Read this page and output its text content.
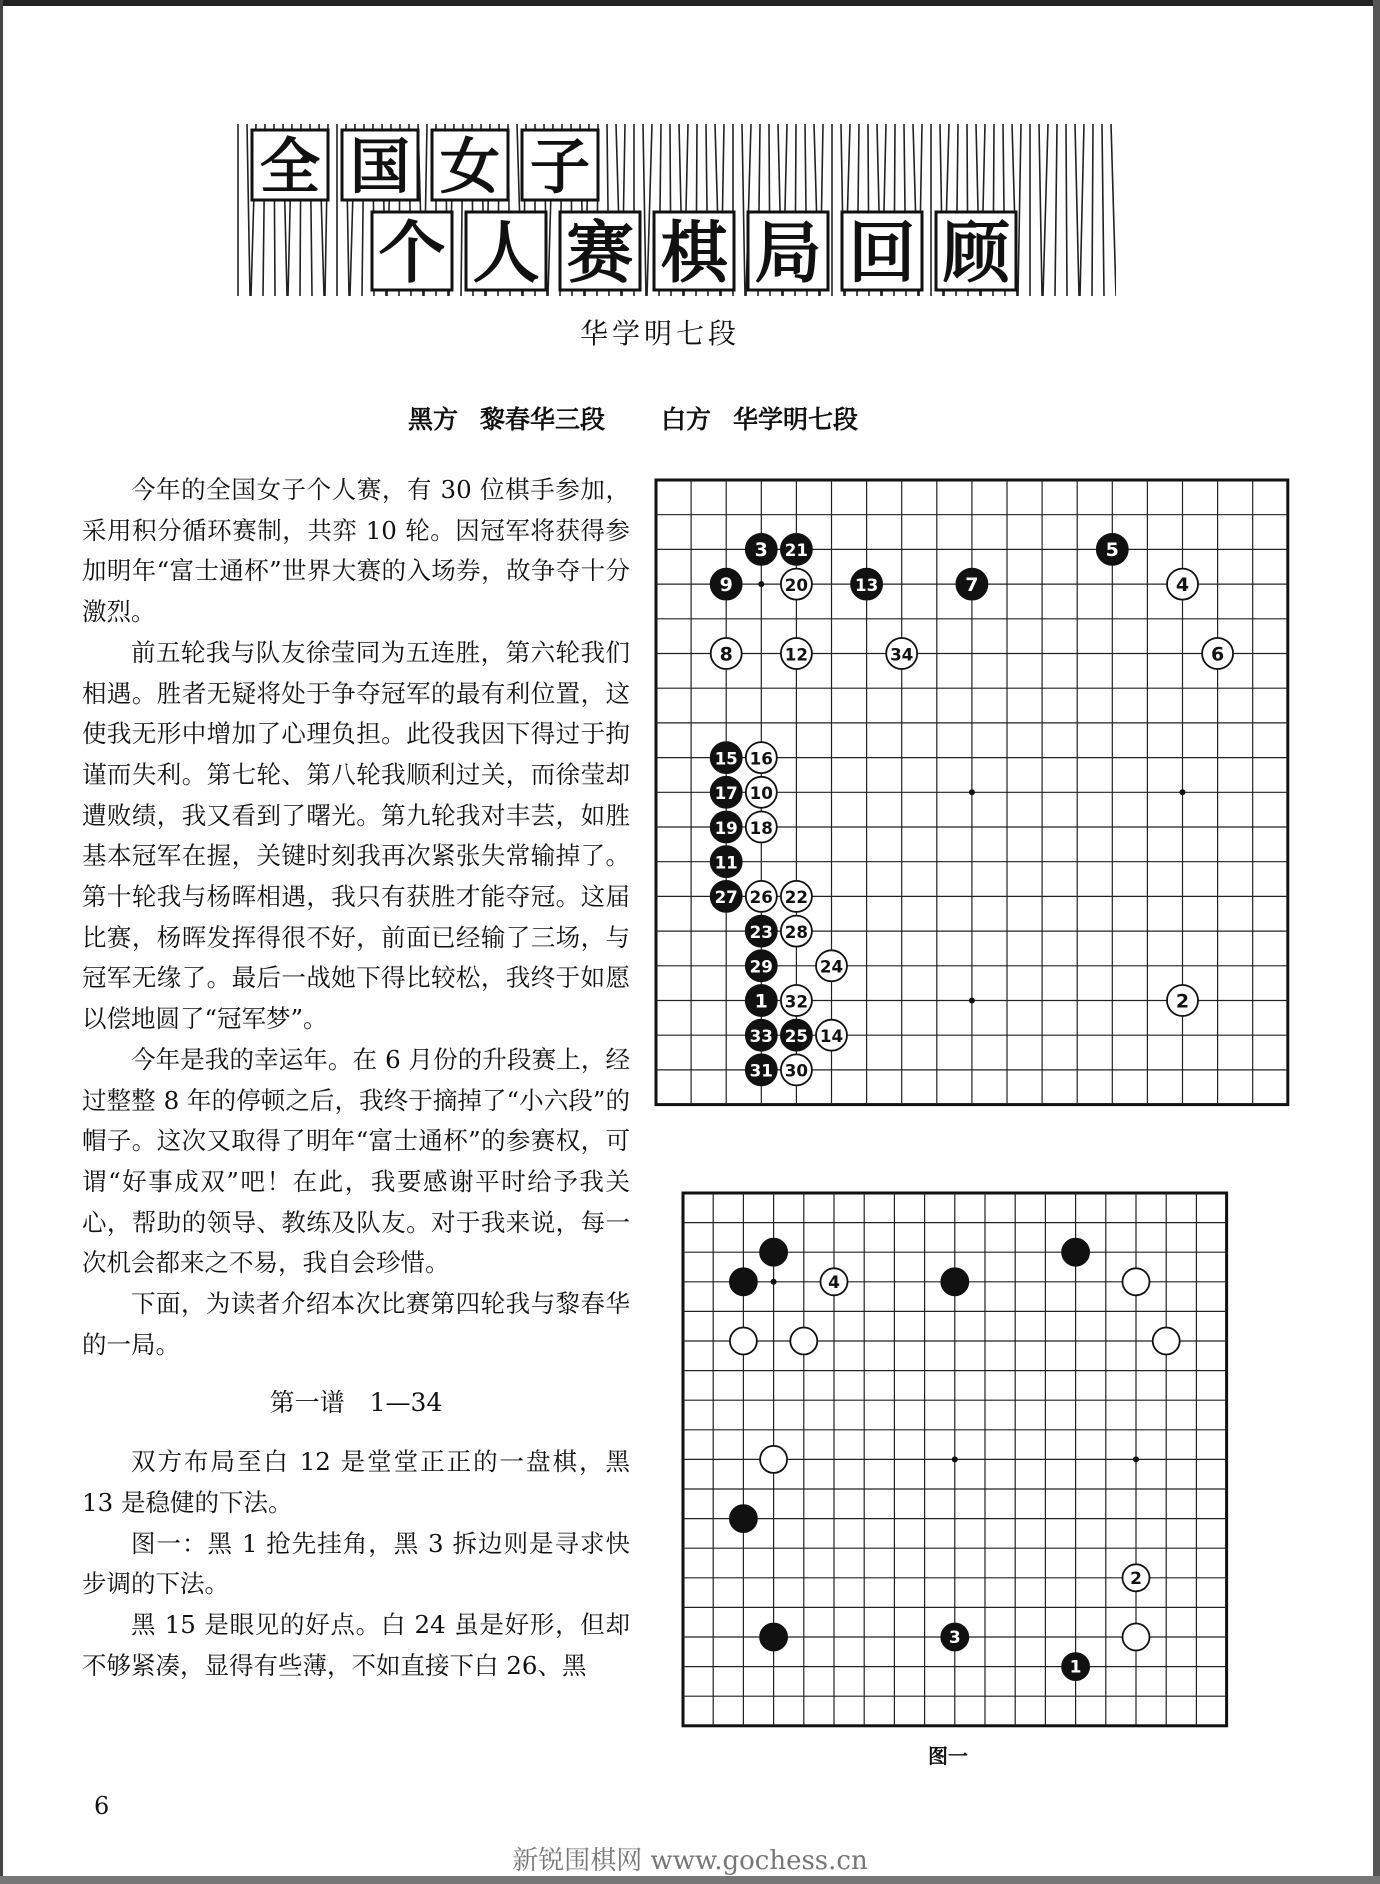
全 国 女 子
个 人 赛 棋 局 回 顾
华学明七段
黑方 黎春华三段 白方 华学明七段

今年的全国女子个人赛，有 30 位棋手参加，采用积分循环赛制，共弈 10 轮。因冠军将获得参加明年“富士通杯”世界大赛的入场券，故争夺十分激烈。

前五轮我与队友徐莹同为五连胜，第六轮我们相遇。胜者无疑将处于争夺冠军的最有利位置，这使我无形中增加了心理负担。此役我因下得过于拘谨而失利。第七轮、第八轮我顺利过关，而徐莹却遭败绩，我又看到了曙光。第九轮我对丰芸，如胜基本冠军在握，关键时刻我再次紧张失常输掉了。第十轮我与杨晖相遇，我只有获胜才能夺冠。这届比赛，杨晖发挥得很不好，前面已经输了三场，与冠军无缘了。最后一战她下得比较松，我终于如愿以偿地圆了“冠军梦”。

今年是我的幸运年。在 6 月份的升段赛上，经过整整 8 年的停顿之后，我终于摘掉了“小六段”的帽子。这次又取得了明年“富士通杯”的参赛权，可谓“好事成双”吧！在此，我要感谢平时给予我关心，帮助的领导、教练及队友。对于我来说，每一次机会都来之不易，我自会珍惜。

下面，为读者介绍本次比赛第四轮我与黎春华的一局。

第一谱　1—34

双方布局至白 12 是堂堂正正的一盘棋，黑 13 是稳健的下法。

图一：黑 1 抢先挂角，黑 3 拆边则是寻求快步调的下法。

黑 15 是眼见的好点。白 24 虽是好形，但却不够紧凑，显得有些薄，不如直接下白 26、黑

3 21	5
9	20	13	7	4
8	12	34	6
15 16
17 10
19 18
11
27 26 22
23 28
29	24
1 32	2
33 25 14
31 30
4
2
3
1
图一
6
新锐围棋网 www.gochess.cn
